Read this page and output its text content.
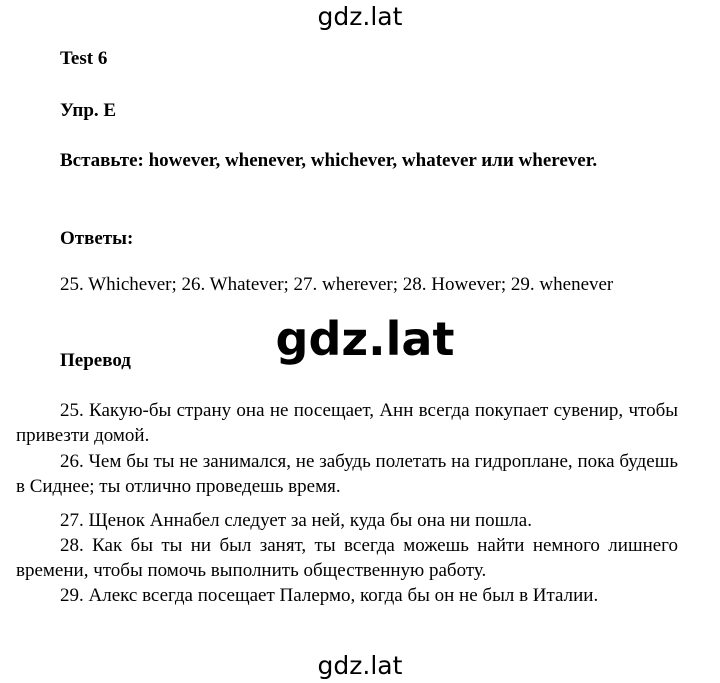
gdz.lat
Test 6
Упр. E
Вставьте: however, whenever, whichever, whatever или wherever.
Ответы:
25. Whichever; 26. Whatever; 27. wherever; 28. However; 29. whenever
gdz.lat
Перевод
25. Какую-бы страну она не посещает, Анн всегда покупает сувенир, чтобы привезти домой.
26. Чем бы ты не занимался, не забудь полетать на гидроплане, пока будешь в Сиднее; ты отлично проведешь время.
27. Щенок Аннабел следует за ней, куда бы она ни пошла.
28. Как бы ты ни был занят, ты всегда можешь найти немного лишнего времени, чтобы помочь выполнить общественную работу.
29. Алекс всегда посещает Палермо, когда бы он не был в Италии.
gdz.lat
